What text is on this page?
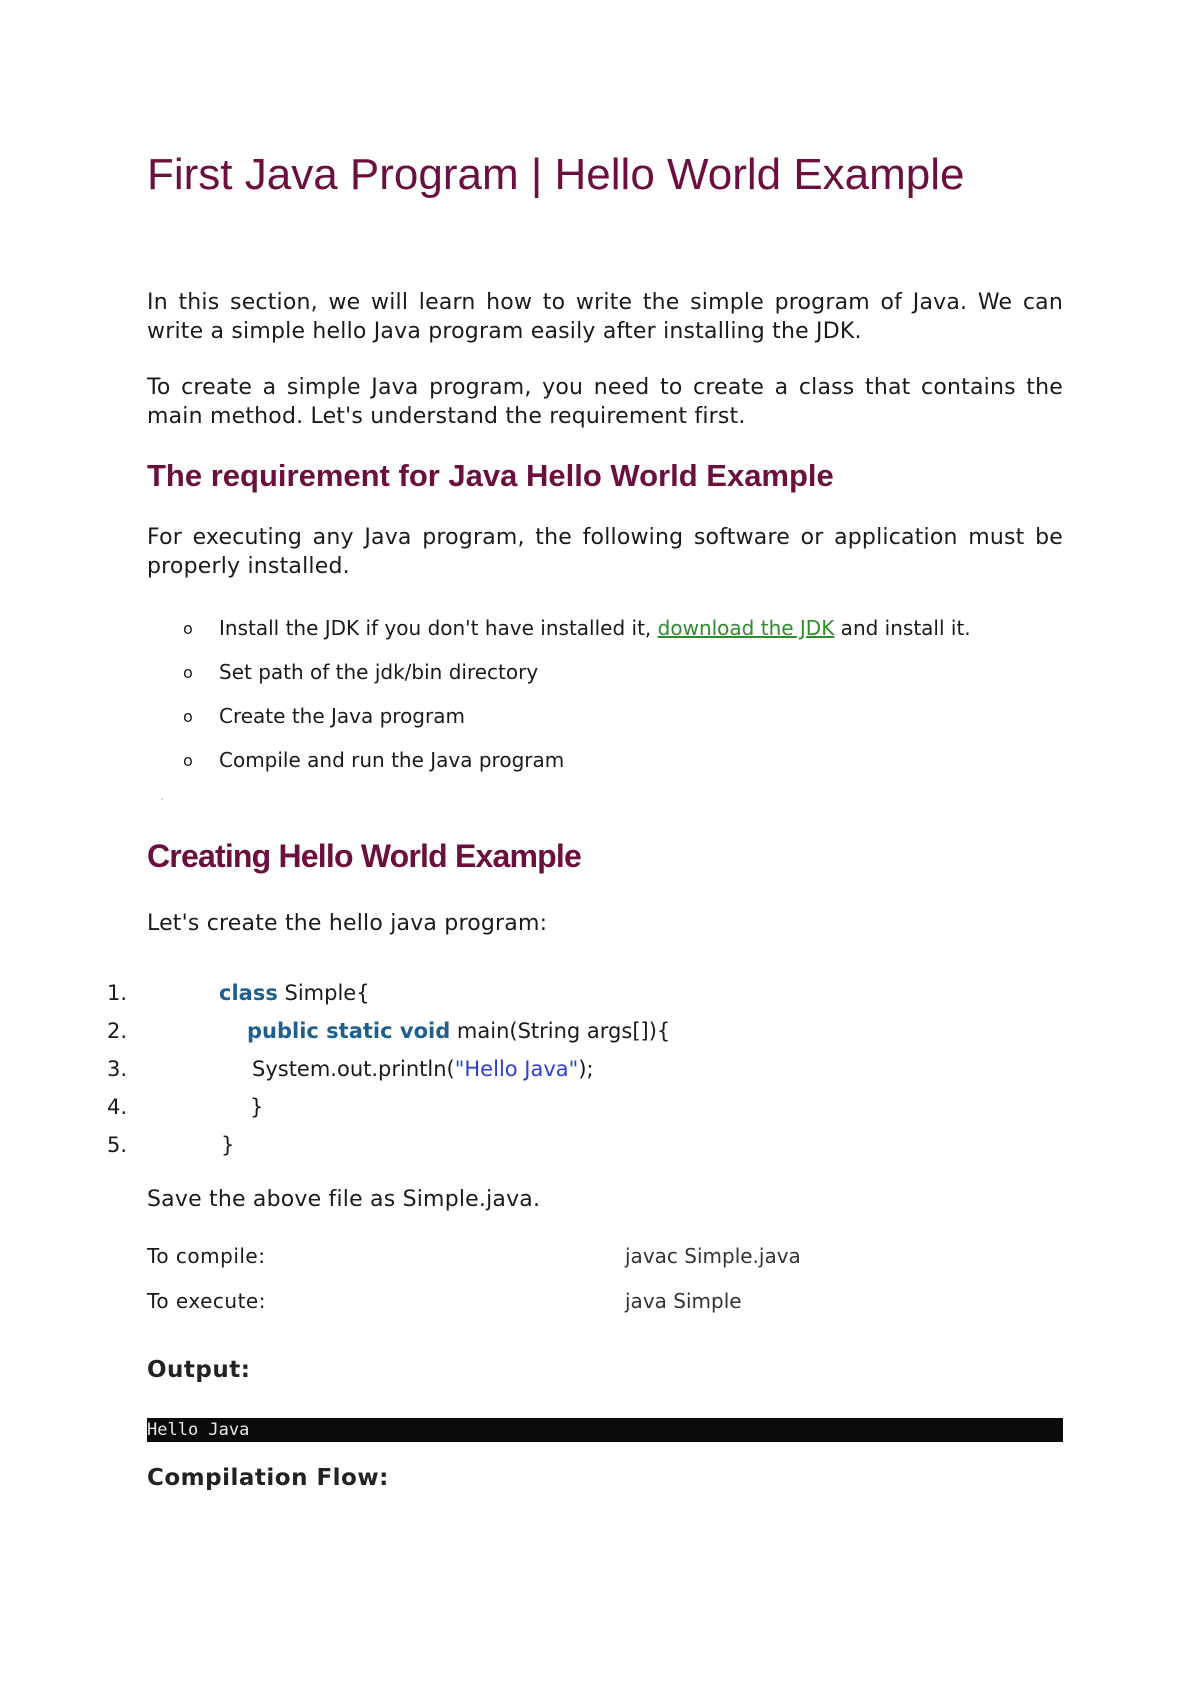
First Java Program | Hello World Example

In this section, we will learn how to write the simple program of Java. We can write a simple hello Java program easily after installing the JDK.

To create a simple Java program, you need to create a class that contains the main method. Let's understand the requirement first.

The requirement for Java Hello World Example

For executing any Java program, the following software or application must be properly installed.

o Install the JDK if you don't have installed it, download the JDK and install it.
o Set path of the jdk/bin directory
o Create the Java program
o Compile and run the Java program
Creating Hello World Example

Let's create the hello java program:

1.	class Simple{
2.	public static void main(String args[]){
3.	System.out.println("Hello Java");
4.	}
5.	}

Save the above file as Simple.java.

To compile:	javac Simple.java
To execute:	java Simple
Output:
Hello Java
Compilation Flow:
